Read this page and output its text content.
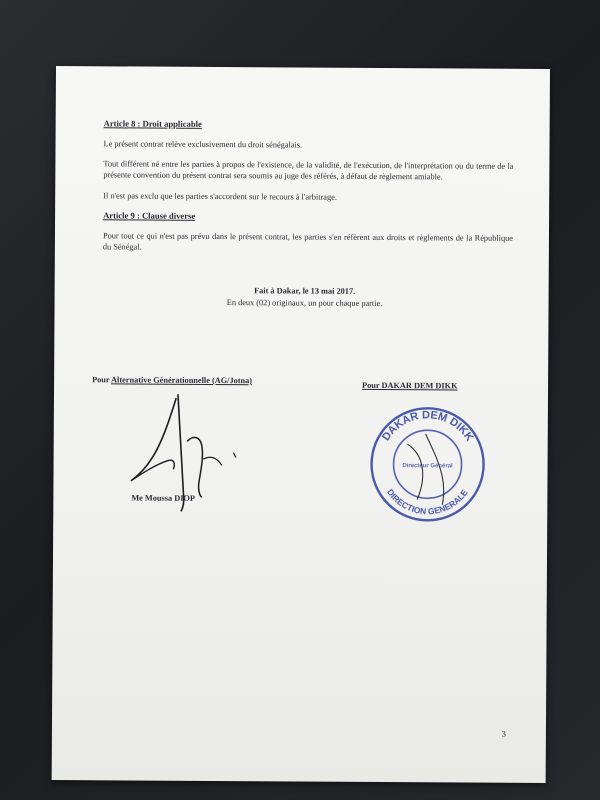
Article 8 : Droit applicable

Le présent contrat relève exclusivement du droit sénégalais.

Tout différent né entre les parties à propos de l'existence, de la validité, de l'exécution, de l'interprétation ou du terme de la présente convention du présent contrat sera soumis au juge des référés, à défaut de règlement amiable.

Il n'est pas exclu que les parties s'accordent sur le recours à l'arbitrage.

Article 9 : Clause diverse

Pour tout ce qui n'est pas prévu dans le présent contrat, les parties s'en réfèrent aux droits et règlements de la République du Sénégal.

Fait à Dakar, le 13 mai 2017.

En deux (02) originaux, un pour chaque partie.

Pour Alternative Générationnelle (AG/Jotna)

Pour DAKAR DEM DIKK

Me Moussa DIOP

DAKAR DEM DIKK
DIRECTION GENERALE
Directeur Général
3
